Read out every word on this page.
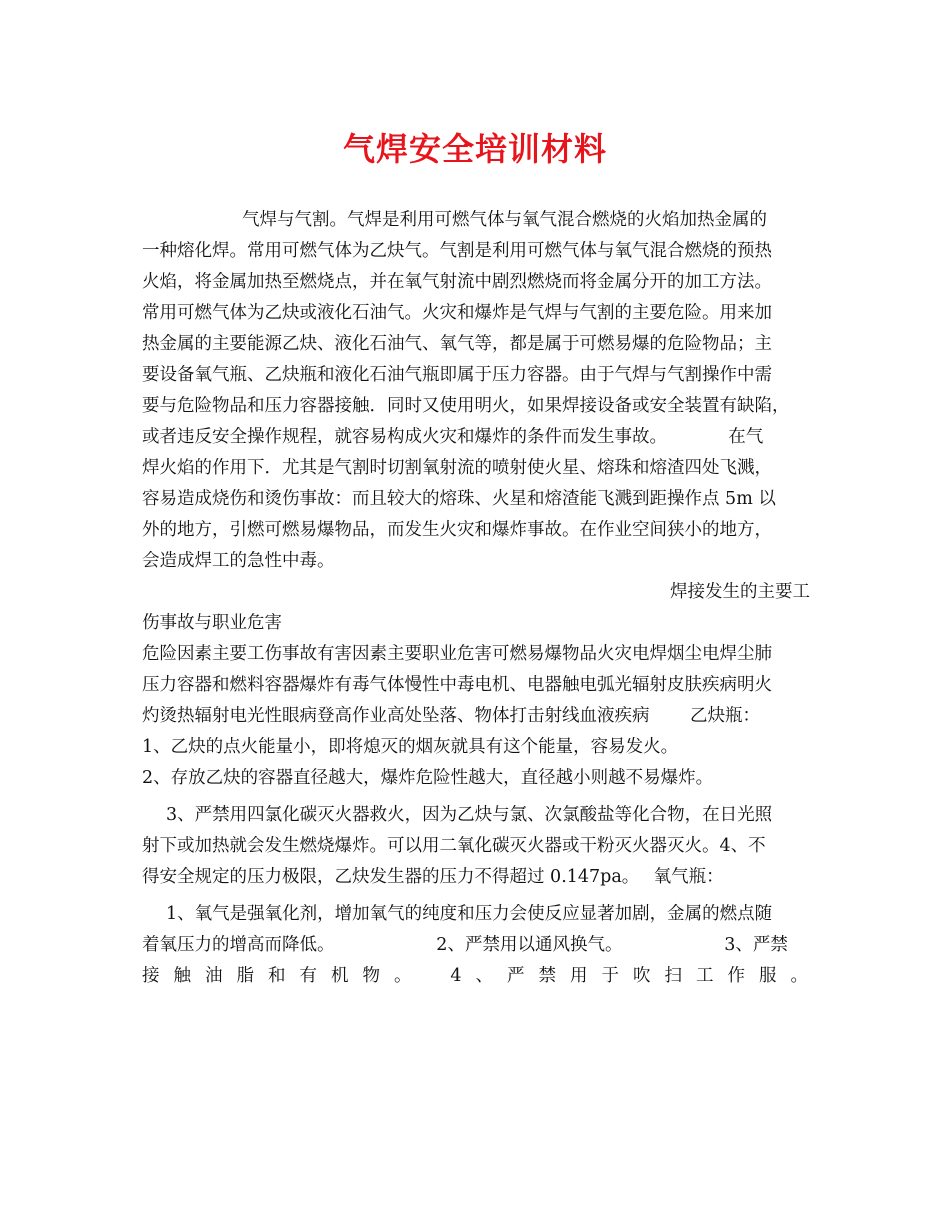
气焊安全培训材料
气焊与气割。气焊是利用可燃气体与氧气混合燃烧的火焰加热金属的
一种熔化焊。常用可燃气体为乙炔气。气割是利用可燃气体与氧气混合燃烧的预热
火焰，将金属加热至燃烧点，并在氧气射流中剧烈燃烧而将金属分开的加工方法。
常用可燃气体为乙炔或液化石油气。火灾和爆炸是气焊与气割的主要危险。用来加
热金属的主要能源乙炔、液化石油气、氧气等，都是属于可燃易爆的危险物品；主
要设备氧气瓶、乙炔瓶和液化石油气瓶即属于压力容器。由于气焊与气割操作中需
要与危险物品和压力容器接触．同时又使用明火，如果焊接设备或安全装置有缺陷，
或者违反安全操作规程，就容易构成火灾和爆炸的条件而发生事故。　　　　在气
焊火焰的作用下．尤其是气割时切割氧射流的喷射使火星、熔珠和熔渣四处飞溅，
容易造成烧伤和烫伤事故：而且较大的熔珠、火星和熔渣能飞溅到距操作点 5m 以
外的地方，引燃可燃易爆物品，而发生火灾和爆炸事故。在作业空间狭小的地方，
会造成焊工的急性中毒。
焊接发生的主要工
伤事故与职业危害
危险因素主要工伤事故有害因素主要职业危害可燃易爆物品火灾电焊烟尘电焊尘肺
压力容器和燃料容器爆炸有毒气体慢性中毒电机、电器触电弧光辐射皮肤疾病明火
灼烫热辐射电光性眼病登高作业高处坠落、物体打击射线血液疾病　　 乙炔瓶：
1、乙炔的点火能量小，即将熄灭的烟灰就具有这个能量，容易发火。
2、存放乙炔的容器直径越大，爆炸危险性越大，直径越小则越不易爆炸。
3、严禁用四氯化碳灭火器救火，因为乙炔与氯、次氯酸盐等化合物，在日光照
射下或加热就会发生燃烧爆炸。可以用二氧化碳灭火器或干粉灭火器灭火。4、不
得安全规定的压力极限，乙炔发生器的压力不得超过 0.147pa。　 氧气瓶：
1、氧气是强氧化剂，增加氧气的纯度和压力会使反应显著加剧，金属的燃点随
着氧压力的增高而降低。　　　　　　 2、严禁用以通风换气。　　　　　　 3、严禁
接触油脂和有机物。 4、严禁用于吹扫工作服。
